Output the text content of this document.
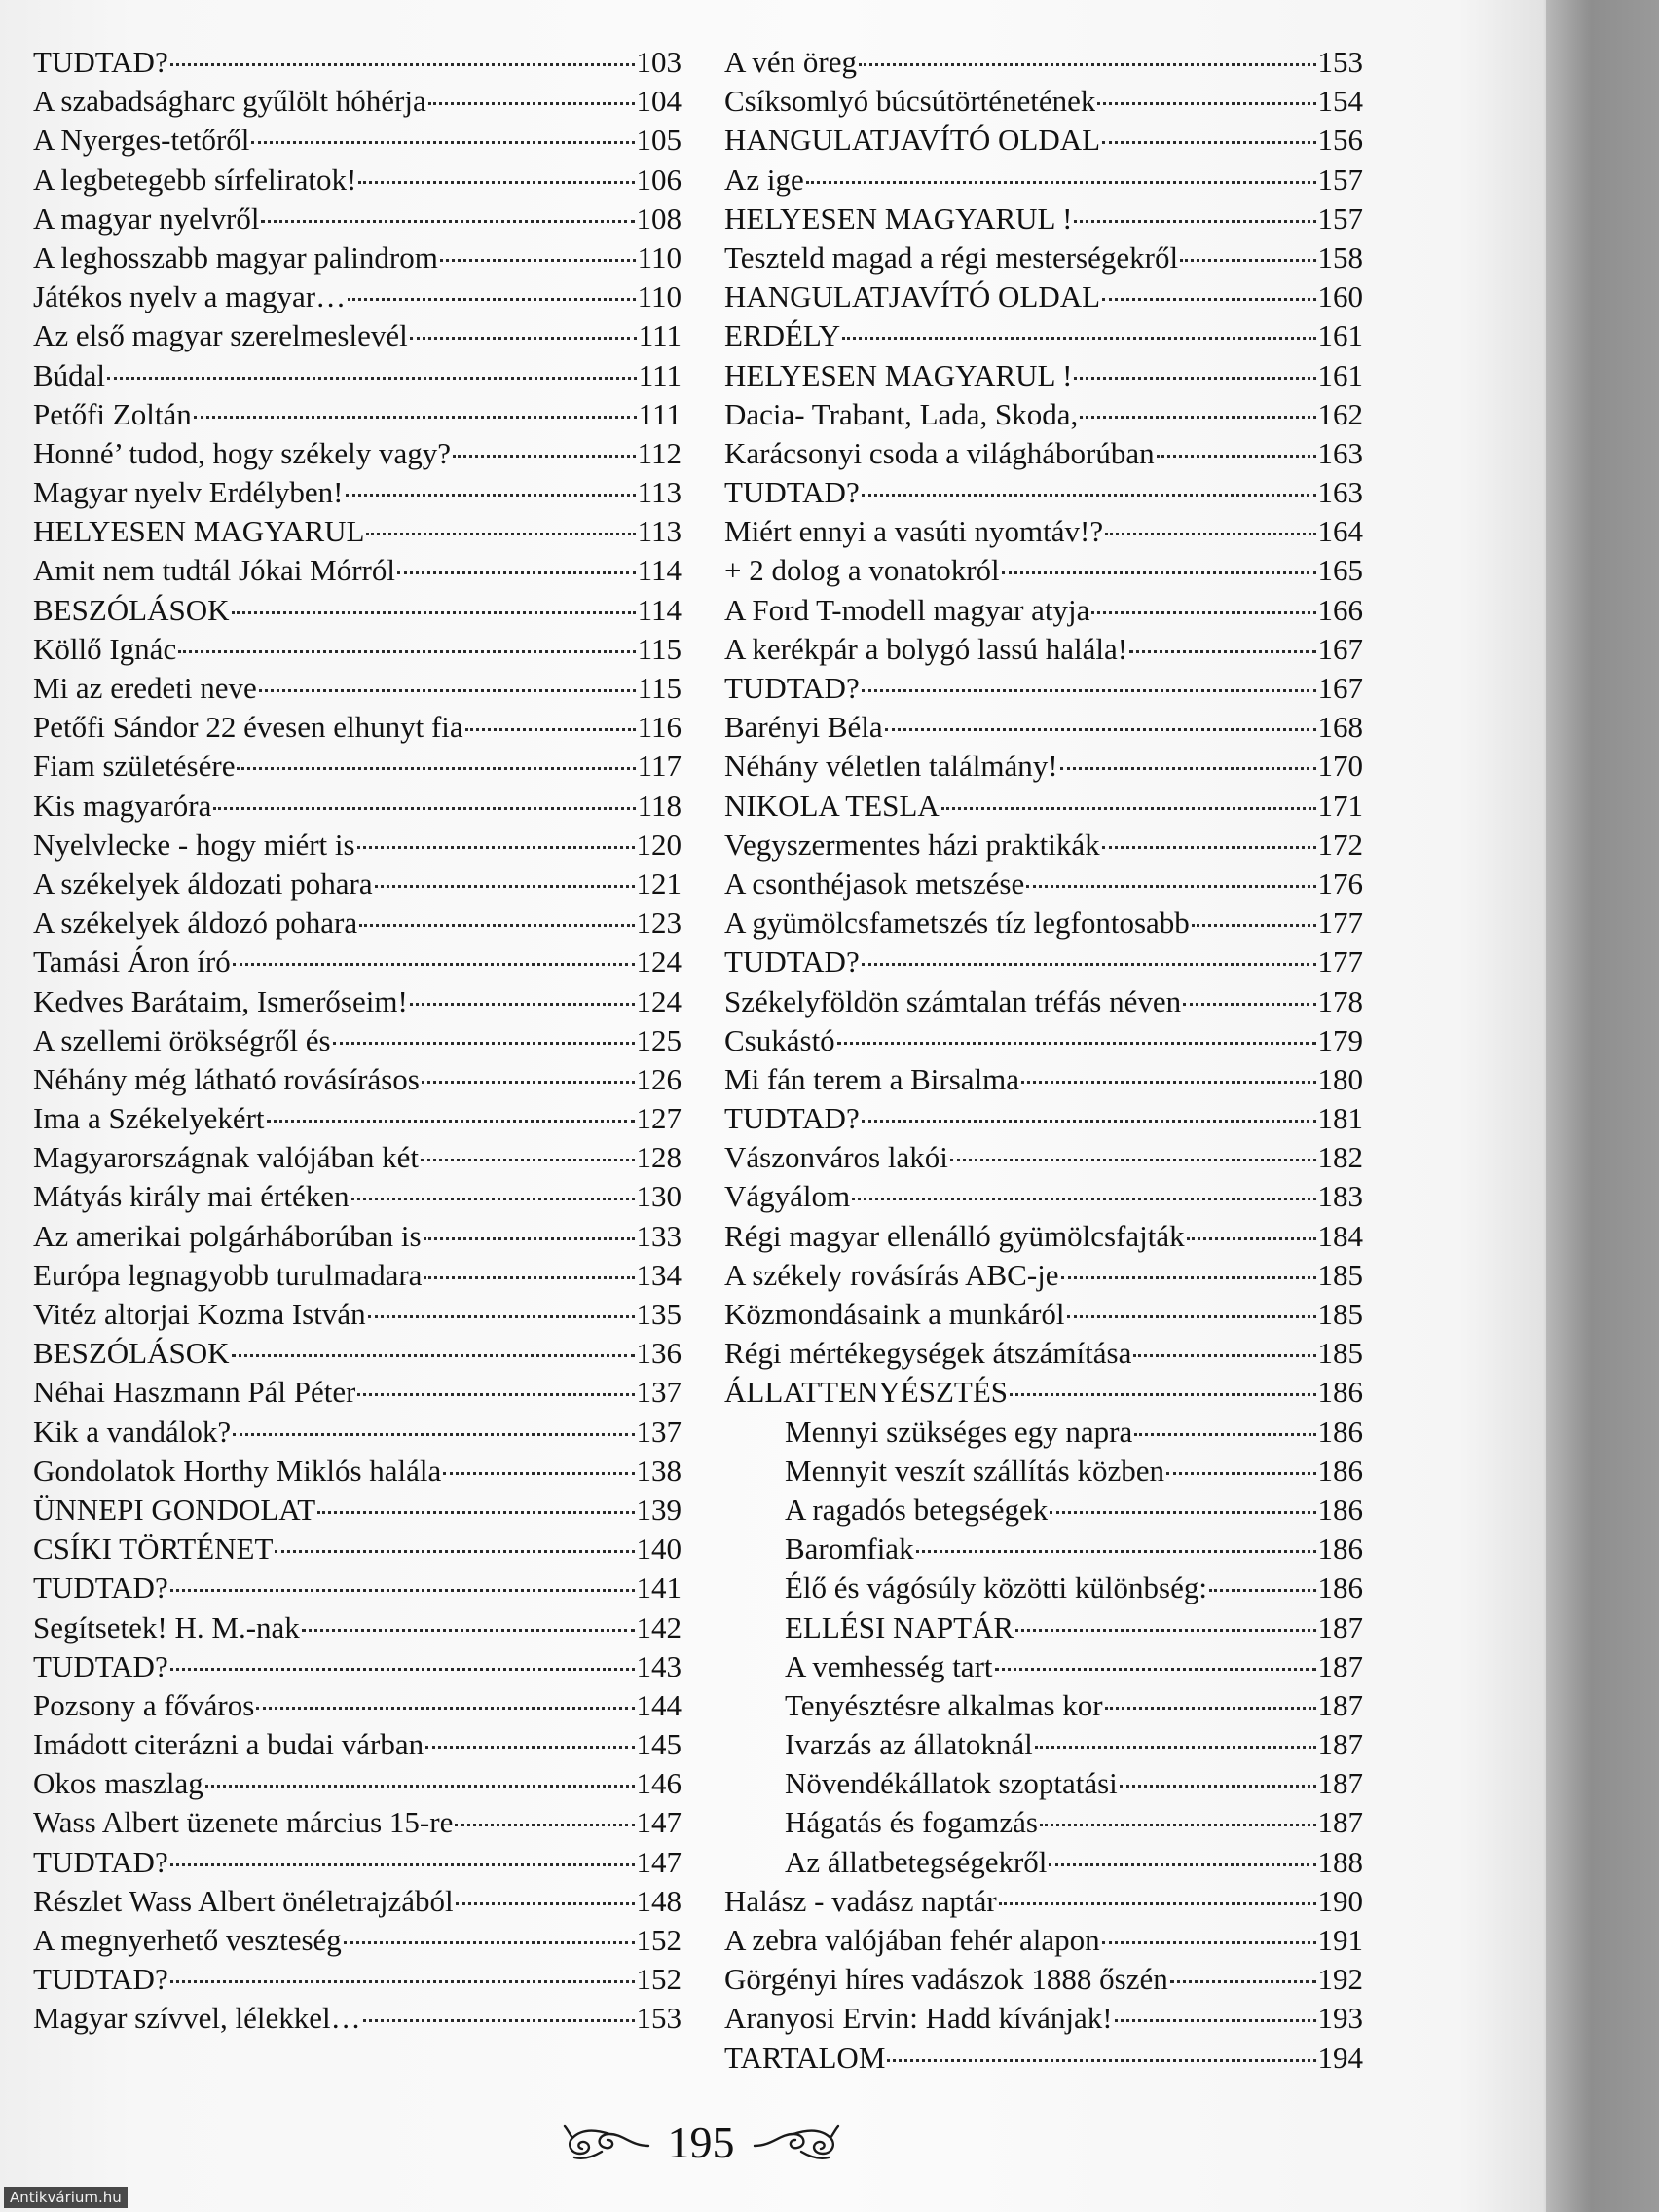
TUDTAD?	103
A szabadságharc gyűlölt hóhérja	104
A Nyerges-tetőről	105
A legbetegebb sírfeliratok!	106
A magyar nyelvről	108
A leghosszabb magyar palindrom	110
Játékos nyelv a magyar…	110
Az első magyar szerelmeslevél	111
Búdal	111
Petőfi Zoltán	111
Honné’ tudod, hogy székely vagy?	112
Magyar nyelv Erdélyben!	113
HELYESEN MAGYARUL	113
Amit nem tudtál Jókai Mórról	114
BESZÓLÁSOK	114
Köllő Ignác	115
Mi az eredeti neve	115
Petőfi Sándor 22 évesen elhunyt fia	116
Fiam születésére	117
Kis magyaróra	118
Nyelvlecke - hogy miért is	120
A székelyek áldozati pohara	121
A székelyek áldozó pohara	123
Tamási Áron író	124
Kedves Barátaim, Ismerőseim!	124
A szellemi örökségről és	125
Néhány még látható rovásírásos	126
Ima a Székelyekért	127
Magyarországnak valójában két	128
Mátyás király mai értéken	130
Az amerikai polgárháborúban is	133
Európa legnagyobb turulmadara	134
Vitéz altorjai Kozma István	135
BESZÓLÁSOK	136
Néhai Haszmann Pál Péter	137
Kik a vandálok?	137
Gondolatok Horthy Miklós halála	138
ÜNNEPI GONDOLAT	139
CSÍKI TÖRTÉNET	140
TUDTAD?	141
Segítsetek! H. M.-nak	142
TUDTAD?	143
Pozsony a főváros	144
Imádott citerázni a budai várban	145
Okos maszlag	146
Wass Albert üzenete március 15-re	147
TUDTAD?	147
Részlet Wass Albert önéletrajzából	148
A megnyerhető veszteség	152
TUDTAD?	152
Magyar szívvel, lélekkel…	153
A vén öreg	153
Csíksomlyó búcsútörténetének	154
HANGULATJAVÍTÓ OLDAL	156
Az ige	157
HELYESEN MAGYARUL !	157
Teszteld magad a régi mesterségekről	158
HANGULATJAVÍTÓ OLDAL	160
ERDÉLY	161
HELYESEN MAGYARUL !	161
Dacia- Trabant, Lada, Skoda,	162
Karácsonyi csoda a világháborúban	163
TUDTAD?	163
Miért ennyi a vasúti nyomtáv!?	164
+ 2 dolog a vonatokról	165
A Ford T-modell magyar atyja	166
A kerékpár a bolygó lassú halála!	167
TUDTAD?	167
Barényi Béla	168
Néhány véletlen találmány!	170
NIKOLA TESLA	171
Vegyszermentes házi praktikák	172
A csonthéjasok metszése	176
A gyümölcsfametszés tíz legfontosabb	177
TUDTAD?	177
Székelyföldön számtalan tréfás néven	178
Csukástó	179
Mi fán terem a Birsalma	180
TUDTAD?	181
Vászonváros lakói	182
Vágyálom	183
Régi magyar ellenálló gyümölcsfajták	184
A székely rovásírás ABC-je	185
Közmondásaink a munkáról	185
Régi mértékegységek átszámítása	185
ÁLLATTENYÉSZTÉS	186
Mennyi szükséges egy napra	186
Mennyit veszít szállítás közben	186
A ragadós betegségek	186
Baromfiak	186
Élő és vágósúly közötti különbség:	186
ELLÉSI NAPTÁR	187
A vemhesség tart	187
Tenyésztésre alkalmas kor	187
Ivarzás az állatoknál	187
Növendékállatok szoptatási	187
Hágatás és fogamzás	187
Az állatbetegségekről	188
Halász - vadász naptár	190
A zebra valójában fehér alapon	191
Görgényi híres vadászok 1888 őszén	192
Aranyosi Ervin: Hadd kívánjak!	193
TARTALOM	194
195
Antikvárium.hu
